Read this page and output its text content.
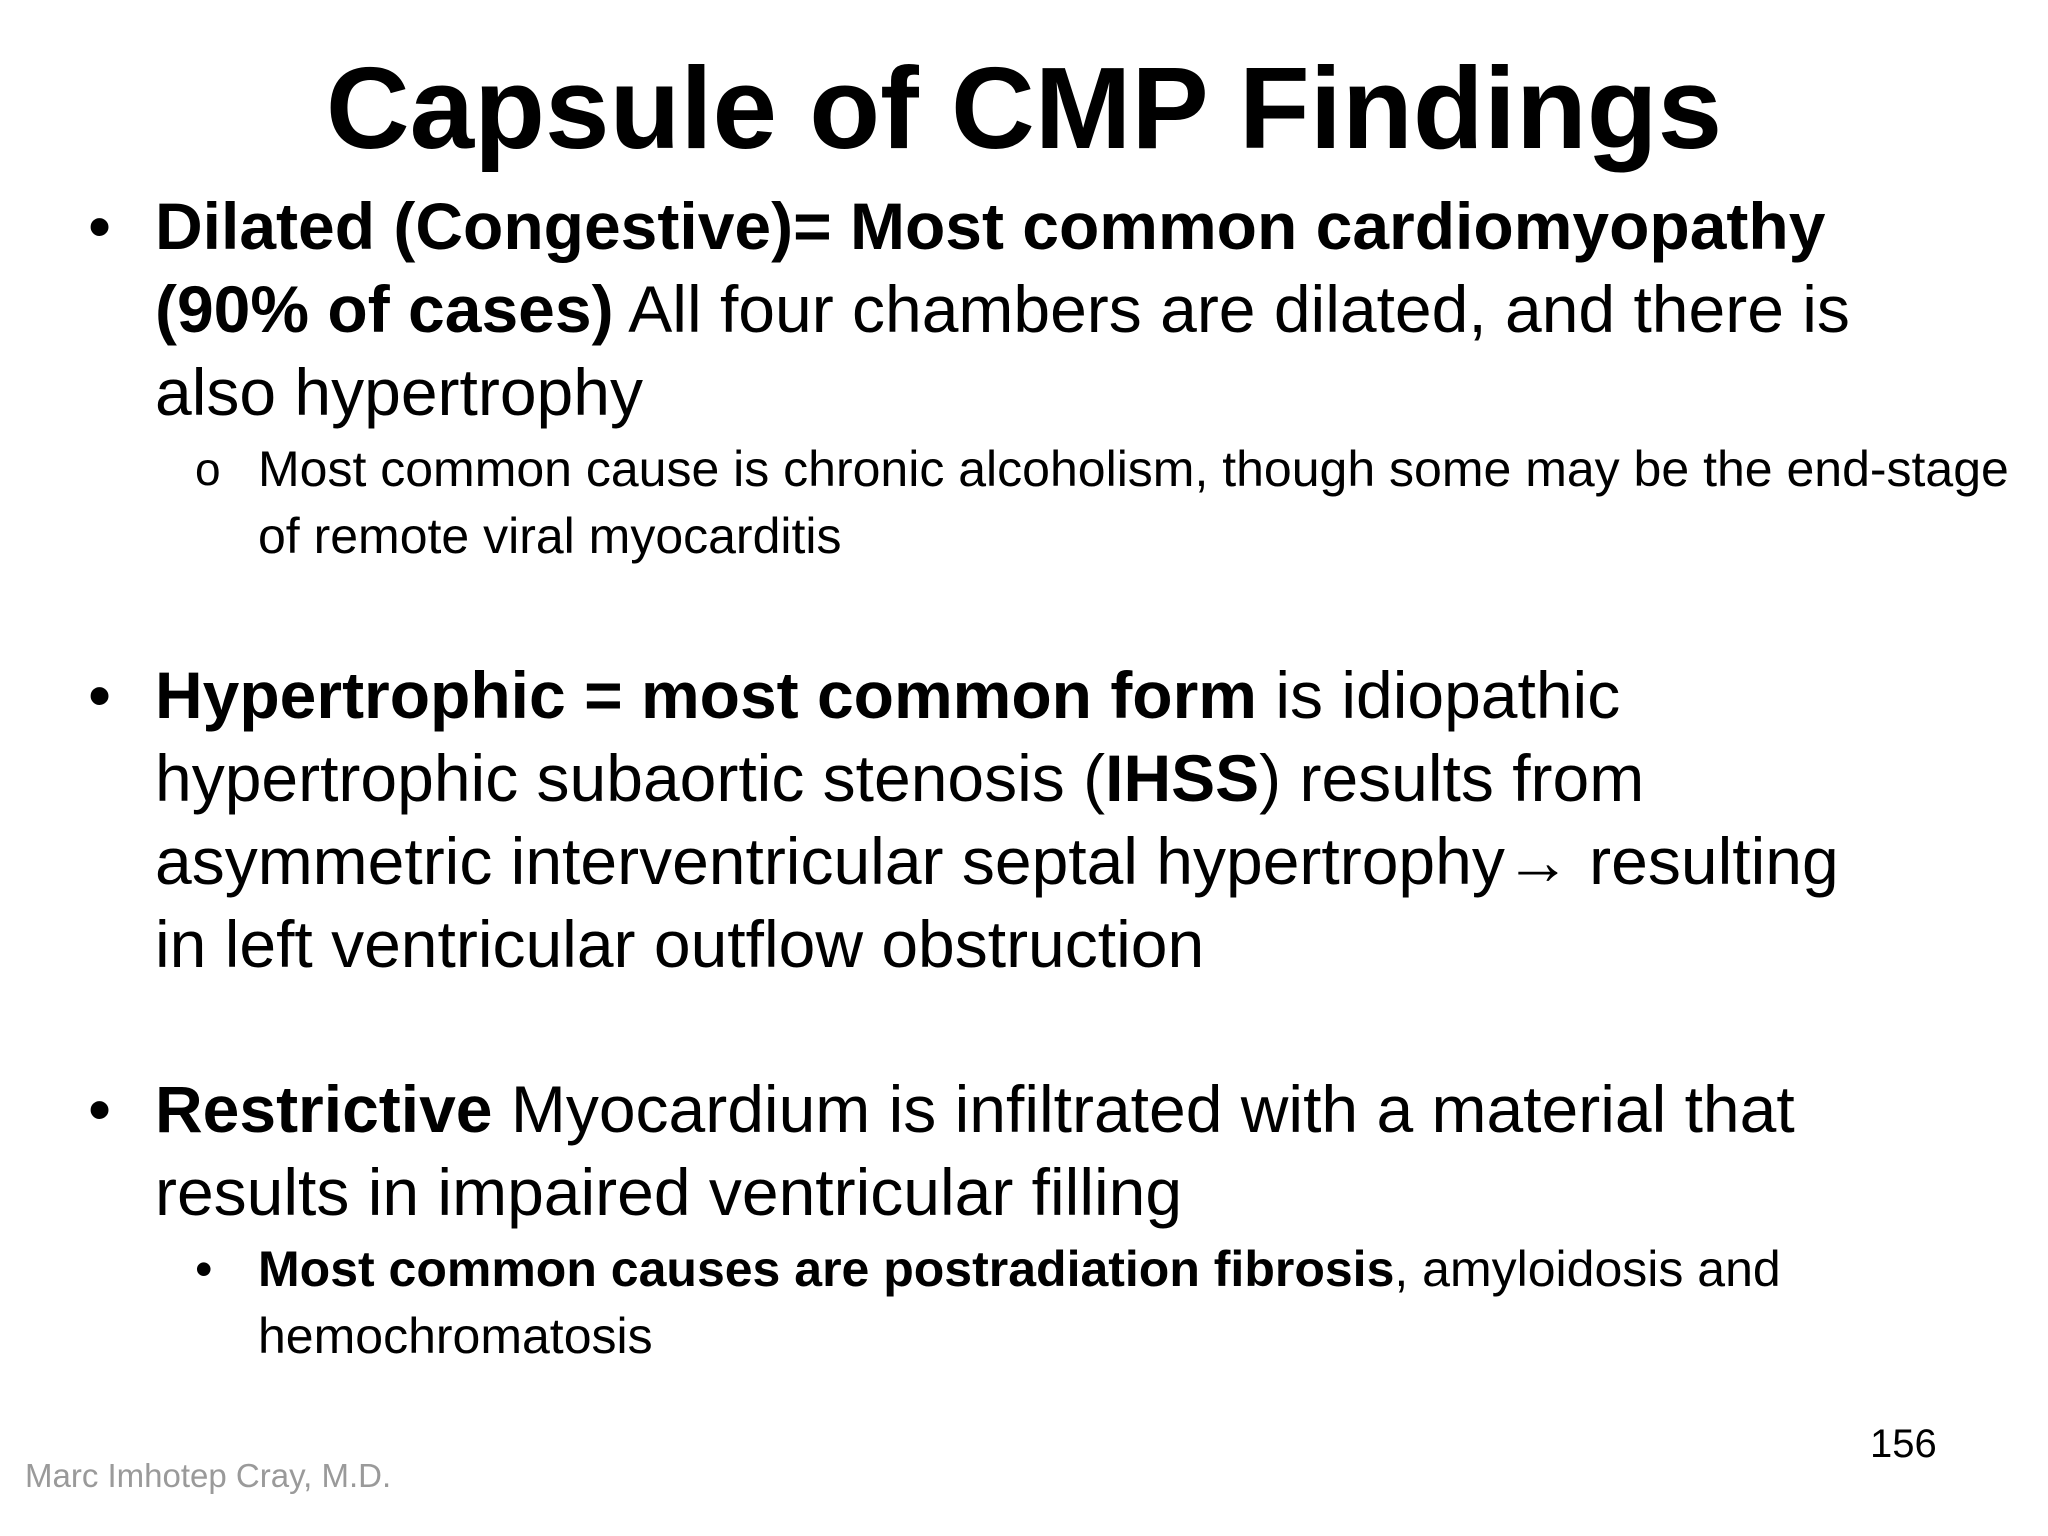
Capsule of CMP Findings
• Dilated (Congestive)= Most common cardiomyopathy (90% of cases) All four chambers are dilated, and there is also hypertrophy
o Most common cause is chronic alcoholism, though some may be the end-stage of remote viral myocarditis
• Hypertrophic = most common form is idiopathic hypertrophic subaortic stenosis (IHSS) results from asymmetric interventricular septal hypertrophy→ resulting in left ventricular outflow obstruction
• Restrictive Myocardium is infiltrated with a material that results in impaired ventricular filling
• Most common causes are postradiation fibrosis, amyloidosis and hemochromatosis
156
Marc Imhotep Cray, M.D.
